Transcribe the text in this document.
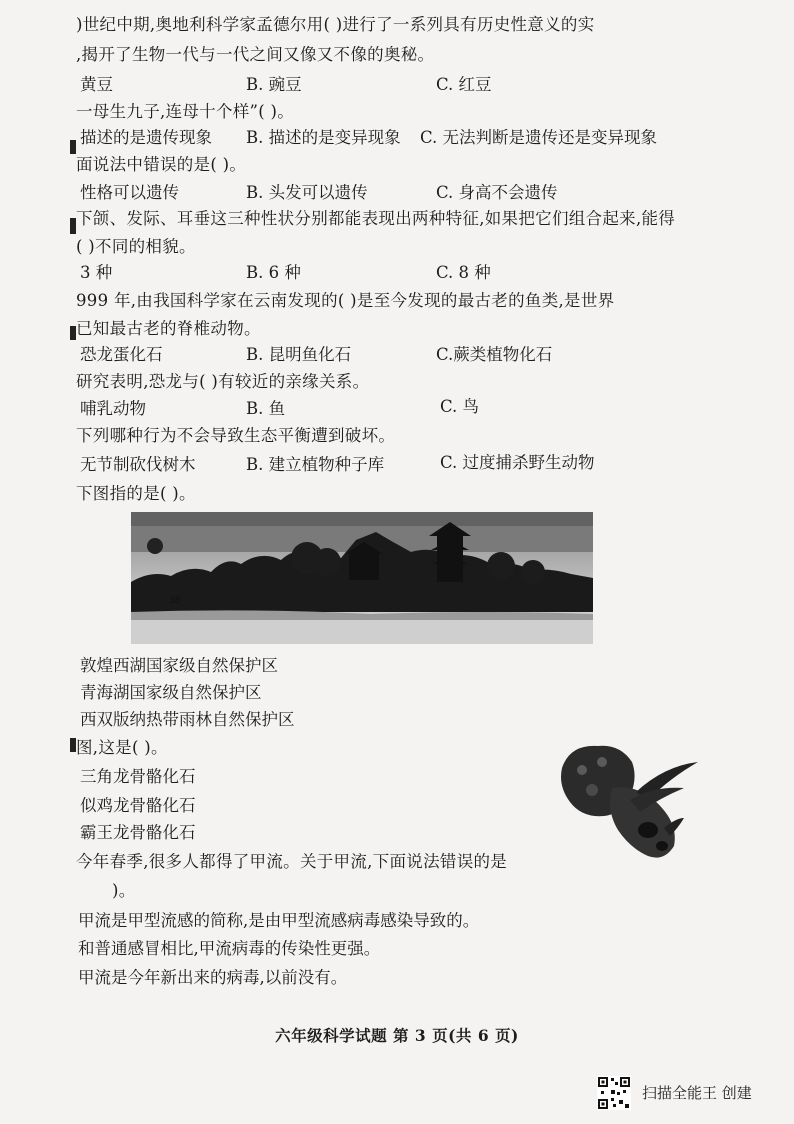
)世纪中期,奥地利科学家孟德尔用( )进行了一系列具有历史性意义的实
,揭开了生物一代与一代之间又像又不像的奥秘。
黄豆	B. 豌豆	C. 红豆
一母生九子,连母十个样”( )。
描述的是遗传现象 B. 描述的是变异现象 C. 无法判断是遗传还是变异现象
面说法中错误的是( )。
性格可以遗传	B. 头发可以遗传	C. 身高不会遗传
下颌、发际、耳垂这三种性状分别都能表现出两种特征,如果把它们组合起来,能得
( )不同的相貌。
3 种	B. 6 种	C. 8 种
999 年,由我国科学家在云南发现的( )是至今发现的最古老的鱼类,是世界
已知最古老的脊椎动物。
恐龙蛋化石	B. 昆明鱼化石	C.蕨类植物化石
研究表明,恐龙与( )有较近的亲缘关系。
哺乳动物	B. 鱼	C. 鸟
下列哪种行为不会导致生态平衡遭到破坏。
无节制砍伐树木	B. 建立植物种子库	C. 过度捕杀野生动物
下图指的是( )。
38
敦煌西湖国家级自然保护区
青海湖国家级自然保护区
西双版纳热带雨林自然保护区
图,这是( )。
三角龙骨骼化石
似鸡龙骨骼化石
霸王龙骨骼化石
今年春季,很多人都得了甲流。关于甲流,下面说法错误的是
)。
甲流是甲型流感的简称,是由甲型流感病毒感染导致的。
和普通感冒相比,甲流病毒的传染性更强。
甲流是今年新出来的病毒,以前没有。
六年级科学试题 第 3 页(共 6 页)
扫描全能王 创建
